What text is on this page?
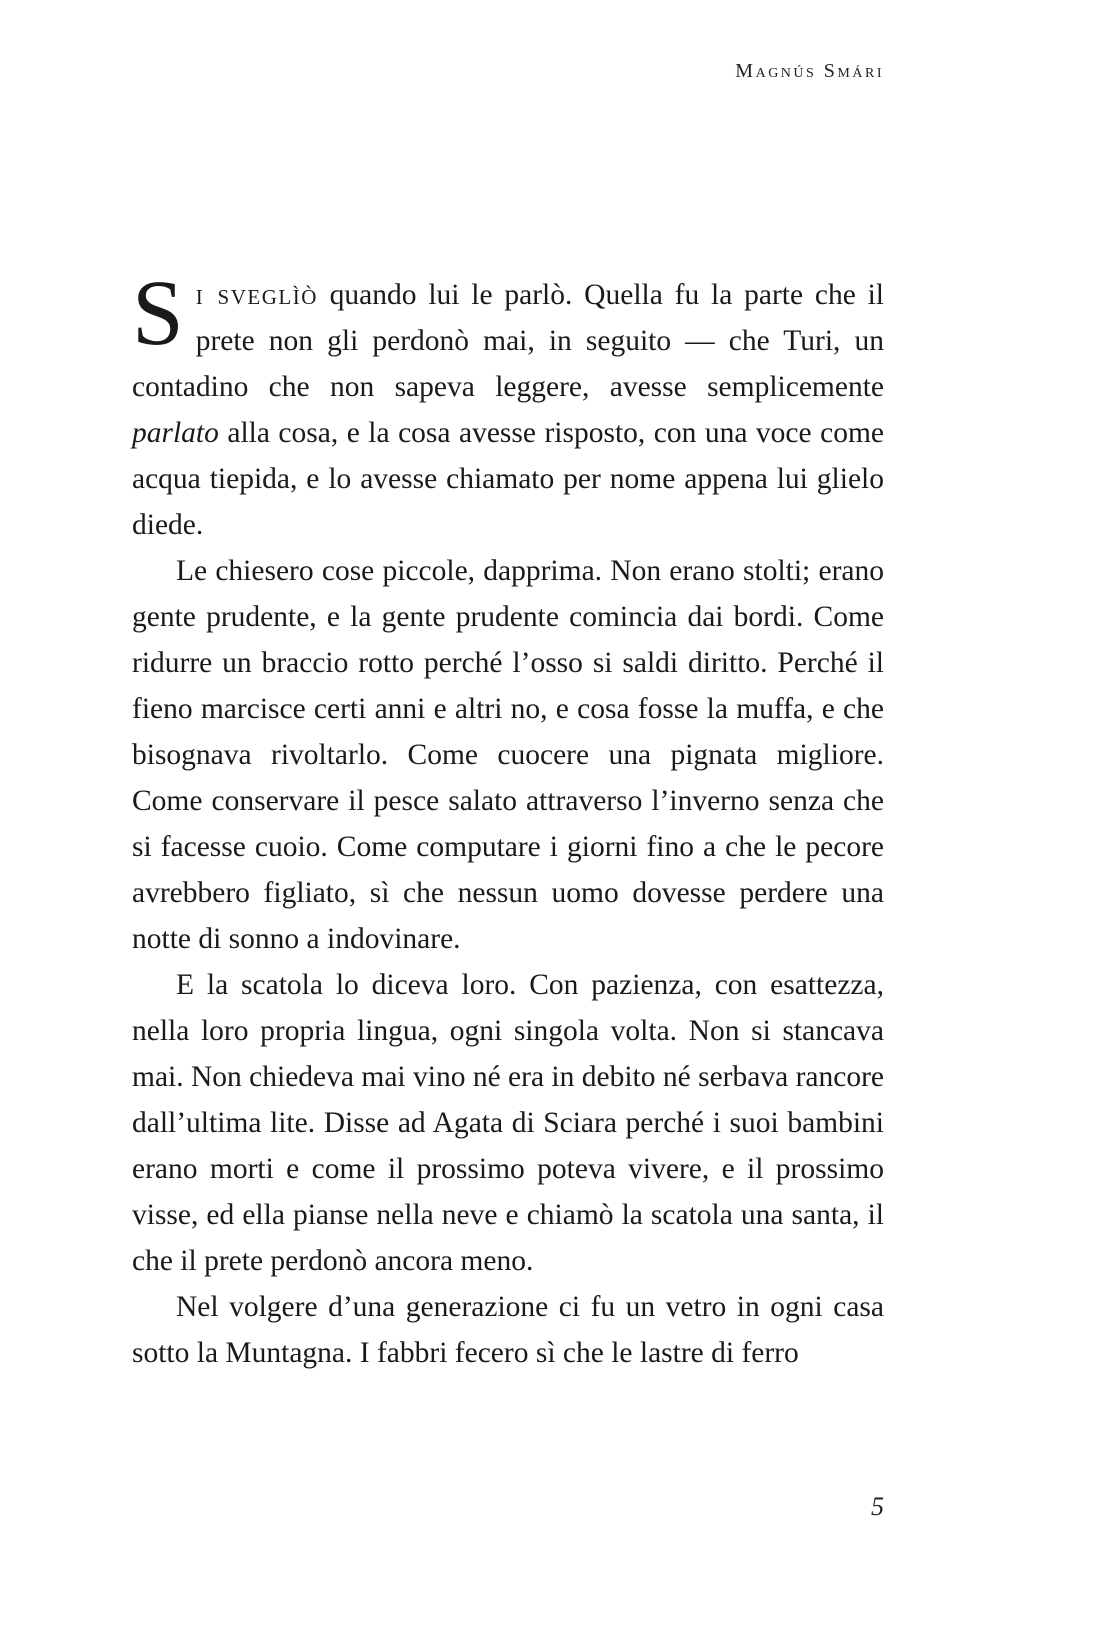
Magnús Smári

Si sveglìò quando lui le parlò. Quella fu la parte che il prete non gli perdonò mai, in seguito — che Turi, un contadino che non sapeva leggere, avesse semplicemente parlato alla cosa, e la cosa avesse risposto, con una voce come acqua tiepida, e lo avesse chiamato per nome appena lui glielo diede.

Le chiesero cose piccole, dapprima. Non erano stolti; erano gente prudente, e la gente prudente comincia dai bordi. Come ridurre un braccio rotto perché l’osso si saldi diritto. Perché il fieno marcisce certi anni e altri no, e cosa fosse la muffa, e che bisognava rivoltarlo. Come cuocere una pignata migliore. Come conservare il pesce salato attraverso l’inverno senza che si facesse cuoio. Come computare i giorni fino a che le pecore avrebbero figliato, sì che nessun uomo dovesse perdere una notte di sonno a indovinare.

E la scatola lo diceva loro. Con pazienza, con esattezza, nella loro propria lingua, ogni singola volta. Non si stancava mai. Non chiedeva mai vino né era in debito né serbava rancore dall’ultima lite. Disse ad Agata di Sciara perché i suoi bambini erano morti e come il prossimo poteva vivere, e il prossimo visse, ed ella pianse nella neve e chiamò la scatola una santa, il che il prete perdonò ancora meno.

Nel volgere d’una generazione ci fu un vetro in ogni casa sotto la Muntagna. I fabbri fecero sì che le lastre di ferro

5
